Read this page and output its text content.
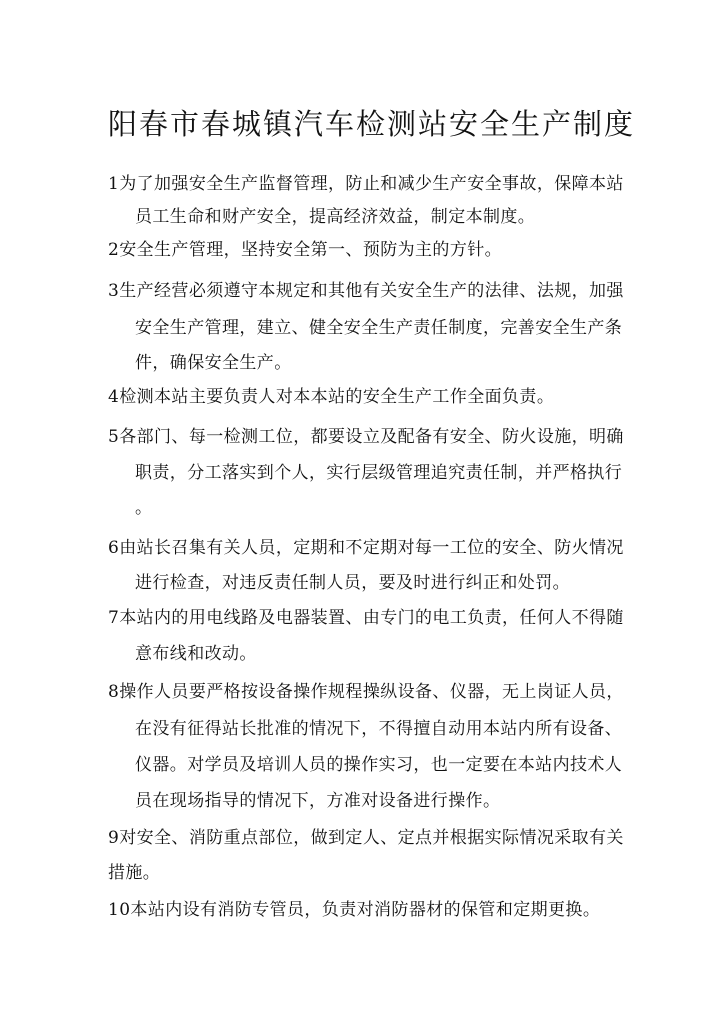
阳春市春城镇汽车检测站安全生产制度
1为了加强安全生产监督管理，防止和减少生产安全事故，保障本站
员工生命和财产安全，提高经济效益，制定本制度。
2安全生产管理，坚持安全第一、预防为主的方针。
3生产经营必须遵守本规定和其他有关安全生产的法律、法规，加强
安全生产管理，建立、健全安全生产责任制度，完善安全生产条
件，确保安全生产。
4检测本站主要负责人对本本站的安全生产工作全面负责。
5各部门、每一检测工位，都要设立及配备有安全、防火设施，明确
职责，分工落实到个人，实行层级管理追究责任制，并严格执行
。
6由站长召集有关人员，定期和不定期对每一工位的安全、防火情况
进行检查，对违反责任制人员，要及时进行纠正和处罚。
7本站内的用电线路及电器装置、由专门的电工负责，任何人不得随
意布线和改动。
8操作人员要严格按设备操作规程操纵设备、仪器，无上岗证人员，
在没有征得站长批准的情况下，不得擅自动用本站内所有设备、
仪器。对学员及培训人员的操作实习，也一定要在本站内技术人
员在现场指导的情况下，方准对设备进行操作。
9对安全、消防重点部位，做到定人、定点并根据实际情况采取有关
措施。
10本站内设有消防专管员，负责对消防器材的保管和定期更换。
